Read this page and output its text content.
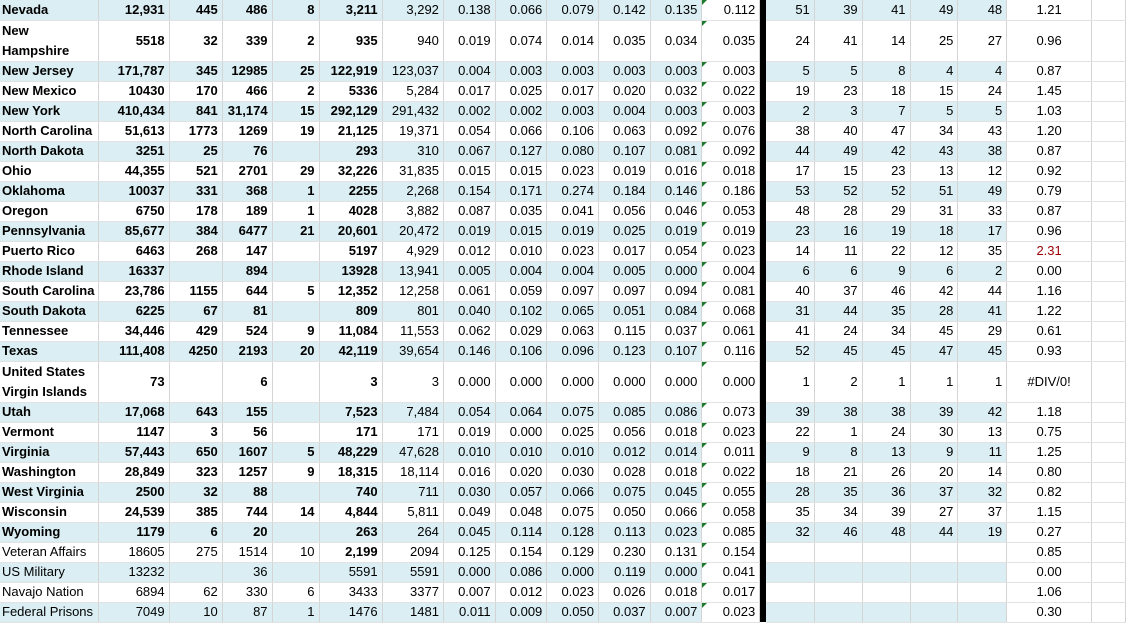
Nevada	12,931	445	486	8	3,211	3,292	0.138	0.066	0.079	0.142	0.135	0.112		51	39	41	49	48	1.21	
New Hampshire	5518	32	339	2	935	940	0.019	0.074	0.014	0.035	0.034	0.035		24	41	14	25	27	0.96	
New Jersey	171,787	345	12985	25	122,919	123,037	0.004	0.003	0.003	0.003	0.003	0.003		5	5	8	4	4	0.87	
New Mexico	10430	170	466	2	5336	5,284	0.017	0.025	0.017	0.020	0.032	0.022		19	23	18	15	24	1.45	
New York	410,434	841	31,174	15	292,129	291,432	0.002	0.002	0.003	0.004	0.003	0.003		2	3	7	5	5	1.03	
North Carolina	51,613	1773	1269	19	21,125	19,371	0.054	0.066	0.106	0.063	0.092	0.076		38	40	47	34	43	1.20	
North Dakota	3251	25	76		293	310	0.067	0.127	0.080	0.107	0.081	0.092		44	49	42	43	38	0.87	
Ohio	44,355	521	2701	29	32,226	31,835	0.015	0.015	0.023	0.019	0.016	0.018		17	15	23	13	12	0.92	
Oklahoma	10037	331	368	1	2255	2,268	0.154	0.171	0.274	0.184	0.146	0.186		53	52	52	51	49	0.79	
Oregon	6750	178	189	1	4028	3,882	0.087	0.035	0.041	0.056	0.046	0.053		48	28	29	31	33	0.87	
Pennsylvania	85,677	384	6477	21	20,601	20,472	0.019	0.015	0.019	0.025	0.019	0.019		23	16	19	18	17	0.96	
Puerto Rico	6463	268	147		5197	4,929	0.012	0.010	0.023	0.017	0.054	0.023		14	11	22	12	35	2.31	
Rhode Island	16337		894		13928	13,941	0.005	0.004	0.004	0.005	0.000	0.004		6	6	9	6	2	0.00	
South Carolina	23,786	1155	644	5	12,352	12,258	0.061	0.059	0.097	0.097	0.094	0.081		40	37	46	42	44	1.16	
South Dakota	6225	67	81		809	801	0.040	0.102	0.065	0.051	0.084	0.068		31	44	35	28	41	1.22	
Tennessee	34,446	429	524	9	11,084	11,553	0.062	0.029	0.063	0.115	0.037	0.061		41	24	34	45	29	0.61	
Texas	111,408	4250	2193	20	42,119	39,654	0.146	0.106	0.096	0.123	0.107	0.116		52	45	45	47	45	0.93	
United States Virgin Islands	73		6		3	3	0.000	0.000	0.000	0.000	0.000	0.000		1	2	1	1	1	#DIV/0!	
Utah	17,068	643	155		7,523	7,484	0.054	0.064	0.075	0.085	0.086	0.073		39	38	38	39	42	1.18	
Vermont	1147	3	56		171	171	0.019	0.000	0.025	0.056	0.018	0.023		22	1	24	30	13	0.75	
Virginia	57,443	650	1607	5	48,229	47,628	0.010	0.010	0.010	0.012	0.014	0.011		9	8	13	9	11	1.25	
Washington	28,849	323	1257	9	18,315	18,114	0.016	0.020	0.030	0.028	0.018	0.022		18	21	26	20	14	0.80	
West Virginia	2500	32	88		740	711	0.030	0.057	0.066	0.075	0.045	0.055		28	35	36	37	32	0.82	
Wisconsin	24,539	385	744	14	4,844	5,811	0.049	0.048	0.075	0.050	0.066	0.058		35	34	39	27	37	1.15	
Wyoming	1179	6	20		263	264	0.045	0.114	0.128	0.113	0.023	0.085		32	46	48	44	19	0.27	
Veteran Affairs	18605	275	1514	10	2,199	2094	0.125	0.154	0.129	0.230	0.131	0.154							0.85	
US Military	13232		36		5591	5591	0.000	0.086	0.000	0.119	0.000	0.041							0.00	
Navajo Nation	6894	62	330	6	3433	3377	0.007	0.012	0.023	0.026	0.018	0.017							1.06	
Federal Prisons	7049	10	87	1	1476	1481	0.011	0.009	0.050	0.037	0.007	0.023							0.30	
